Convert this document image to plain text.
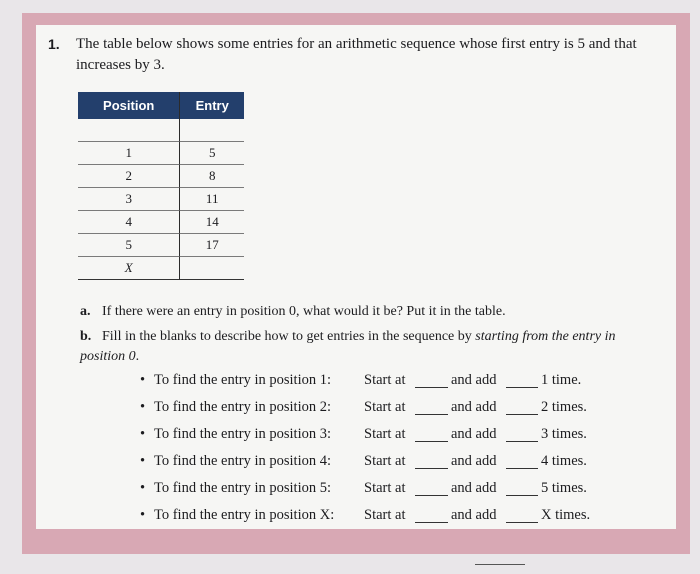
1. The table below shows some entries for an arithmetic sequence whose first entry is 5 and that increases by 3.
Position	Entry
1	5
2	8
3	11
4	14
5	17
X
a. If there were an entry in position 0, what would it be? Put it in the table.
b. Fill in the blanks to describe how to get entries in the sequence by starting from the entry in position 0.
• To find the entry in position 1: Start at	and add	1 time.
• To find the entry in position 2: Start at	and add	2 times.
• To find the entry in position 3: Start at	and add	3 times.
• To find the entry in position 4: Start at	and add	4 times.
• To find the entry in position 5: Start at	and add	5 times.
• To find the entry in position X: Start at	and add	X times.
